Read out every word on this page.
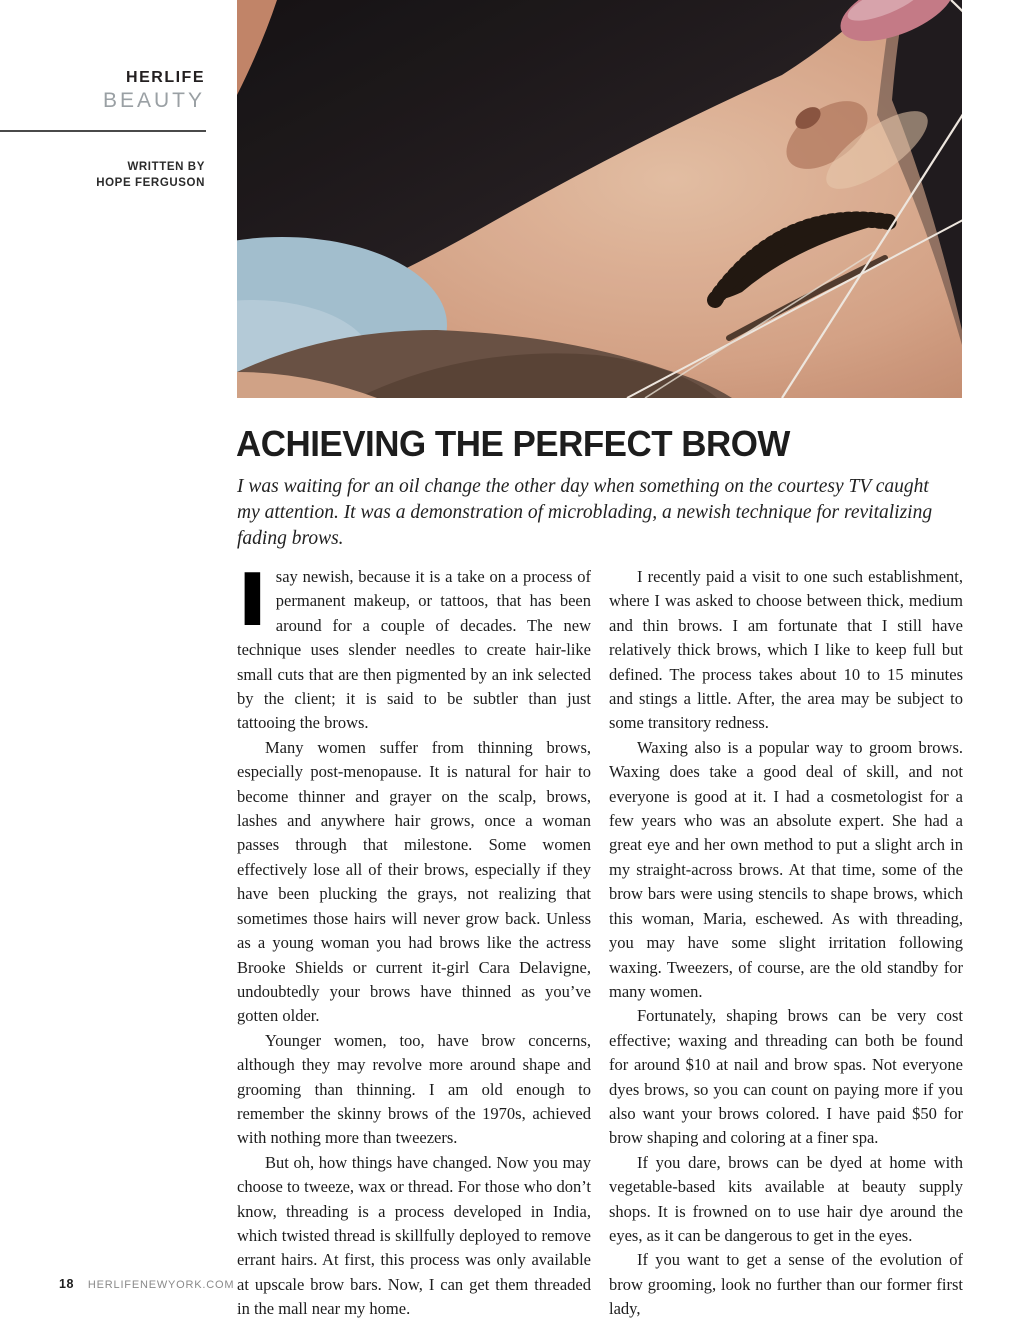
HERLIFE
BEAUTY
WRITTEN BY
HOPE FERGUSON
ACHIEVING THE PERFECT BROW
I was waiting for an oil change the other day when something on the courtesy TV caught my attention. It was a demonstration of microblading, a newish technique for revitalizing fading brows.

Isay newish, because it is a take on a process of permanent makeup, or tattoos, that has been around for a couple of decades. The new technique uses slender needles to create hair-like small cuts that are then pigmented by an ink selected by the client; it is said to be subtler than just tattooing the brows.

Many women suffer from thinning brows, especially post-menopause. It is natural for hair to become thinner and grayer on the scalp, brows, lashes and anywhere hair grows, once a woman passes through that milestone. Some women effectively lose all of their brows, especially if they have been plucking the grays, not realizing that sometimes those hairs will never grow back. Unless as a young woman you had brows like the actress Brooke Shields or current it-girl Cara Delavigne, undoubtedly your brows have thinned as you’ve gotten older.

Younger women, too, have brow concerns, although they may revolve more around shape and grooming than thinning. I am old enough to remember the skinny brows of the 1970s, achieved with nothing more than tweezers.

But oh, how things have changed. Now you may choose to tweeze, wax or thread. For those who don’t know, threading is a process developed in India, which twisted thread is skillfully deployed to remove errant hairs. At first, this process was only available at upscale brow bars. Now, I can get them threaded in the mall near my home.

I recently paid a visit to one such establishment, where I was asked to choose between thick, medium and thin brows. I am fortunate that I still have relatively thick brows, which I like to keep full but defined. The process takes about 10 to 15 minutes and stings a little. After, the area may be subject to some transitory redness.

Waxing also is a popular way to groom brows. Waxing does take a good deal of skill, and not everyone is good at it. I had a cosmetologist for a few years who was an absolute expert. She had a great eye and her own method to put a slight arch in my straight-across brows. At that time, some of the brow bars were using stencils to shape brows, which this woman, Maria, eschewed. As with threading, you may have some slight irritation following waxing. Tweezers, of course, are the old standby for many women.

Fortunately, shaping brows can be very cost effective; waxing and threading can both be found for around $10 at nail and brow spas. Not everyone dyes brows, so you can count on paying more if you also want your brows colored. I have paid $50 for brow shaping and coloring at a finer spa.

If you dare, brows can be dyed at home with vegetable-based kits available at beauty supply shops. It is frowned on to use hair dye around the eyes, as it can be dangerous to get in the eyes.

If you want to get a sense of the evolution of brow grooming, look no further than our former first lady,

18 HERLIFENEWYORK.COM
